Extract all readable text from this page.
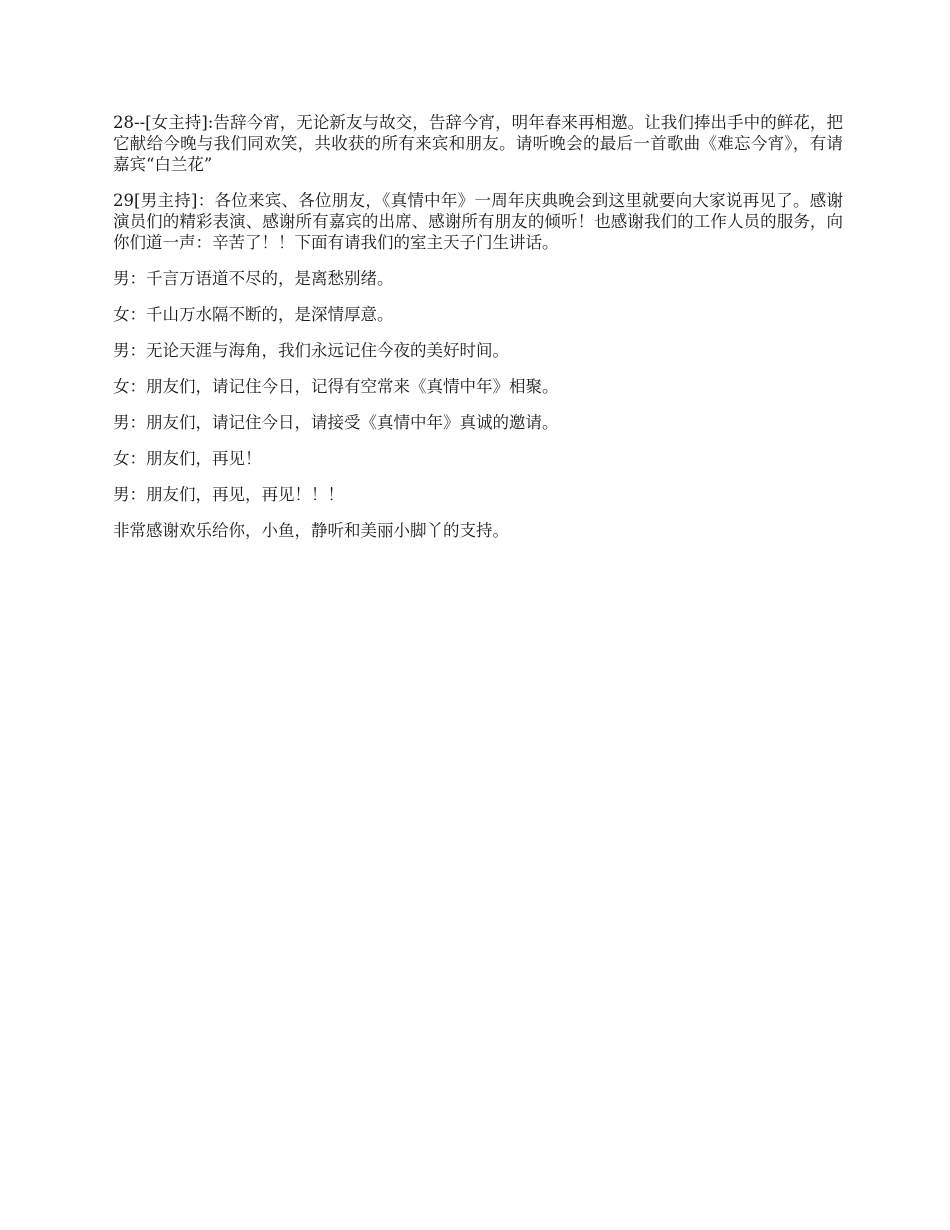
28--[女主持]:告辞今宵，无论新友与故交，告辞今宵，明年春来再相邀。让我们捧出手中的鲜花，把它献给今晚与我们同欢笑，共收获的所有来宾和朋友。请听晚会的最后一首歌曲《难忘今宵》，有请嘉宾“白兰花”

29[男主持]：各位来宾、各位朋友，《真情中年》一周年庆典晚会到这里就要向大家说再见了。感谢演员们的精彩表演、感谢所有嘉宾的出席、感谢所有朋友的倾听！也感谢我们的工作人员的服务，向你们道一声：辛苦了！！下面有请我们的室主天子门生讲话。

男：千言万语道不尽的，是离愁别绪。

女：千山万水隔不断的，是深情厚意。

男：无论天涯与海角，我们永远记住今夜的美好时间。

女：朋友们，请记住今日，记得有空常来《真情中年》相聚。

男：朋友们，请记住今日，请接受《真情中年》真诚的邀请。

女：朋友们，再见！

男：朋友们，再见，再见！！！

非常感谢欢乐给你，小鱼，静听和美丽小脚丫的支持。
